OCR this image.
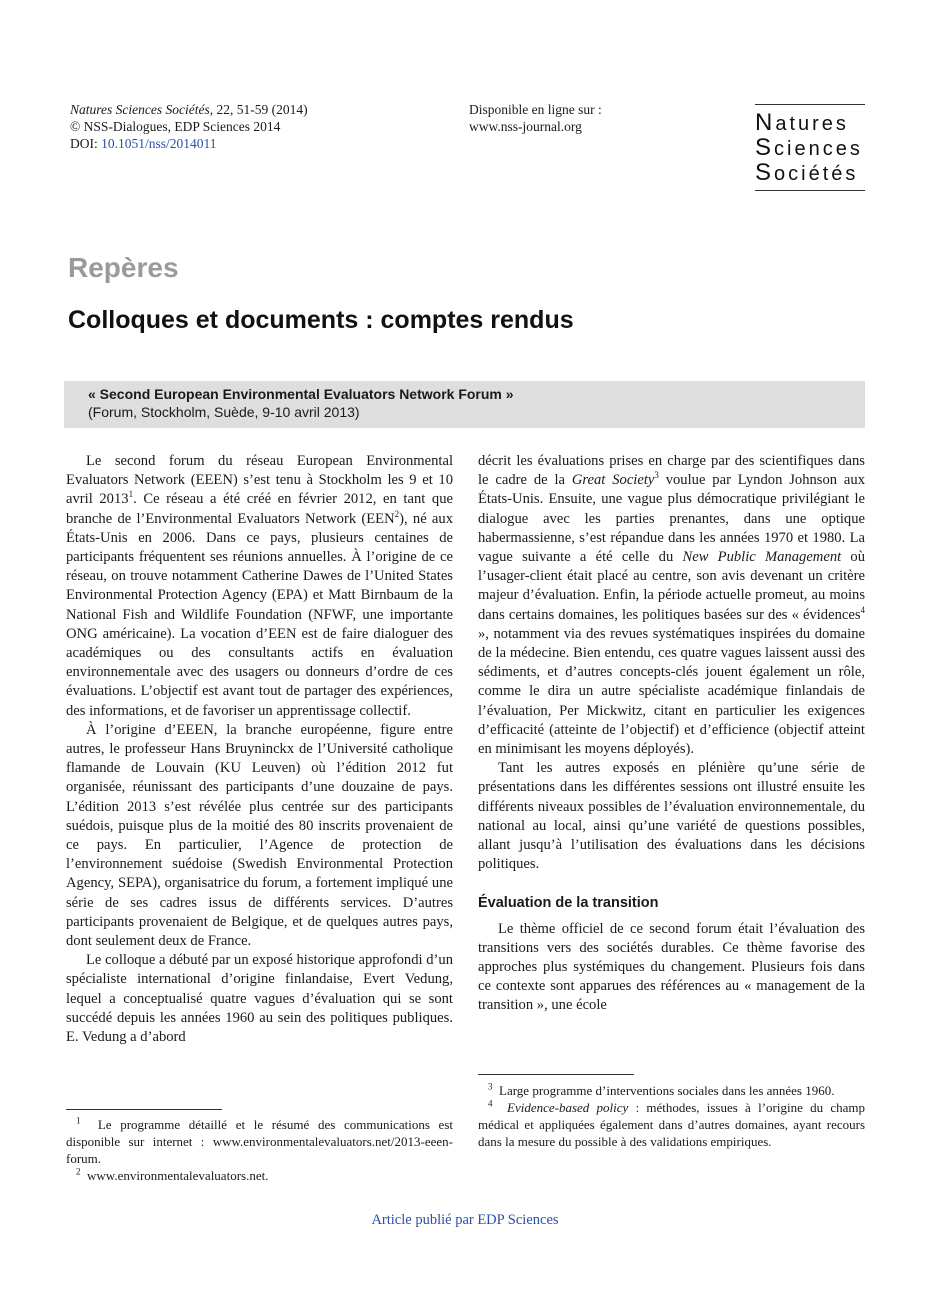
Natures Sciences Sociétés, 22, 51-59 (2014)
© NSS-Dialogues, EDP Sciences 2014
DOI: 10.1051/nss/2014011
Disponible en ligne sur :
www.nss-journal.org	Natures
Sciences
Sociétés
Repères
Colloques et documents : comptes rendus
« Second European Environmental Evaluators Network Forum »
(Forum, Stockholm, Suède, 9-10 avril 2013)

Le second forum du réseau European Environmental Evaluators Network (EEEN) s’est tenu à Stockholm les 9 et 10 avril 2013$^1$. Ce réseau a été créé en février 2012, en tant que branche de l’Environmental Evaluators Network (EEN$^2$), né aux États-Unis en 2006. Dans ce pays, plusieurs centaines de participants fréquentent ses réunions annuelles. À l’origine de ce réseau, on trouve notamment Catherine Dawes de l’United States Environmental Protection Agency (EPA) et Matt Birnbaum de la National Fish and Wildlife Foundation (NFWF, une importante ONG américaine). La vocation d’EEN est de faire dialoguer des académiques ou des consultants actifs en évaluation environnementale avec des usagers ou donneurs d’ordre de ces évaluations. L’objectif est avant tout de partager des expériences, des informations, et de favoriser un apprentissage collectif.

À l’origine d’EEEN, la branche européenne, figure entre autres, le professeur Hans Bruyninckx de l’Université catholique flamande de Louvain (KU Leuven) où l’édition 2012 fut organisée, réunissant des participants d’une douzaine de pays. L’édition 2013 s’est révélée plus centrée sur des participants suédois, puisque plus de la moitié des 80 inscrits provenaient de ce pays. En particulier, l’Agence de protection de l’environnement suédoise (Swedish Environmental Protection Agency, SEPA), organisatrice du forum, a fortement impliqué une série de ses cadres issus de différents services. D’autres participants provenaient de Belgique, et de quelques autres pays, dont seulement deux de France.

Le colloque a débuté par un exposé historique approfondi d’un spécialiste international d’origine finlandaise, Evert Vedung, lequel a conceptualisé quatre vagues d’évaluation qui se sont succédé depuis les années 1960 au sein des politiques publiques. E. Vedung a d’abord

décrit les évaluations prises en charge par des scientifiques dans le cadre de la Great Society$^3$ voulue par Lyndon Johnson aux États-Unis. Ensuite, une vague plus démocratique privilégiant le dialogue avec les parties prenantes, dans une optique habermassienne, s’est répandue dans les années 1970 et 1980. La vague suivante a été celle du New Public Management où l’usager-client était placé au centre, son avis devenant un critère majeur d’évaluation. Enfin, la période actuelle promeut, au moins dans certains domaines, les politiques basées sur des « évidences$^4$ », notamment via des revues systématiques inspirées du domaine de la médecine. Bien entendu, ces quatre vagues laissent aussi des sédiments, et d’autres concepts-clés jouent également un rôle, comme le dira un autre spécialiste académique finlandais de l’évaluation, Per Mickwitz, citant en particulier les exigences d’efficacité (atteinte de l’objectif) et d’efficience (objectif atteint en minimisant les moyens déployés).

Tant les autres exposés en plénière qu’une série de présentations dans les différentes sessions ont illustré ensuite les différents niveaux possibles de l’évaluation environnementale, du national au local, ainsi qu’une variété de questions possibles, allant jusqu’à l’utilisation des évaluations dans les décisions politiques.

Évaluation de la transition

Le thème officiel de ce second forum était l’évaluation des transitions vers des sociétés durables. Ce thème favorise des approches plus systémiques du changement. Plusieurs fois dans ce contexte sont apparues des références au « management de la transition », une école

$^1$ Le programme détaillé et le résumé des communications est disponible sur internet : www.environmentalevaluators.net/2013-eeen-forum.

$^2$ www.environmentalevaluators.net.

$^3$ Large programme d’interventions sociales dans les années 1960.

$^4$ Evidence-based policy : méthodes, issues à l’origine du champ médical et appliquées également dans d’autres domaines, ayant recours dans la mesure du possible à des validations empiriques.

Article publié par EDP Sciences
